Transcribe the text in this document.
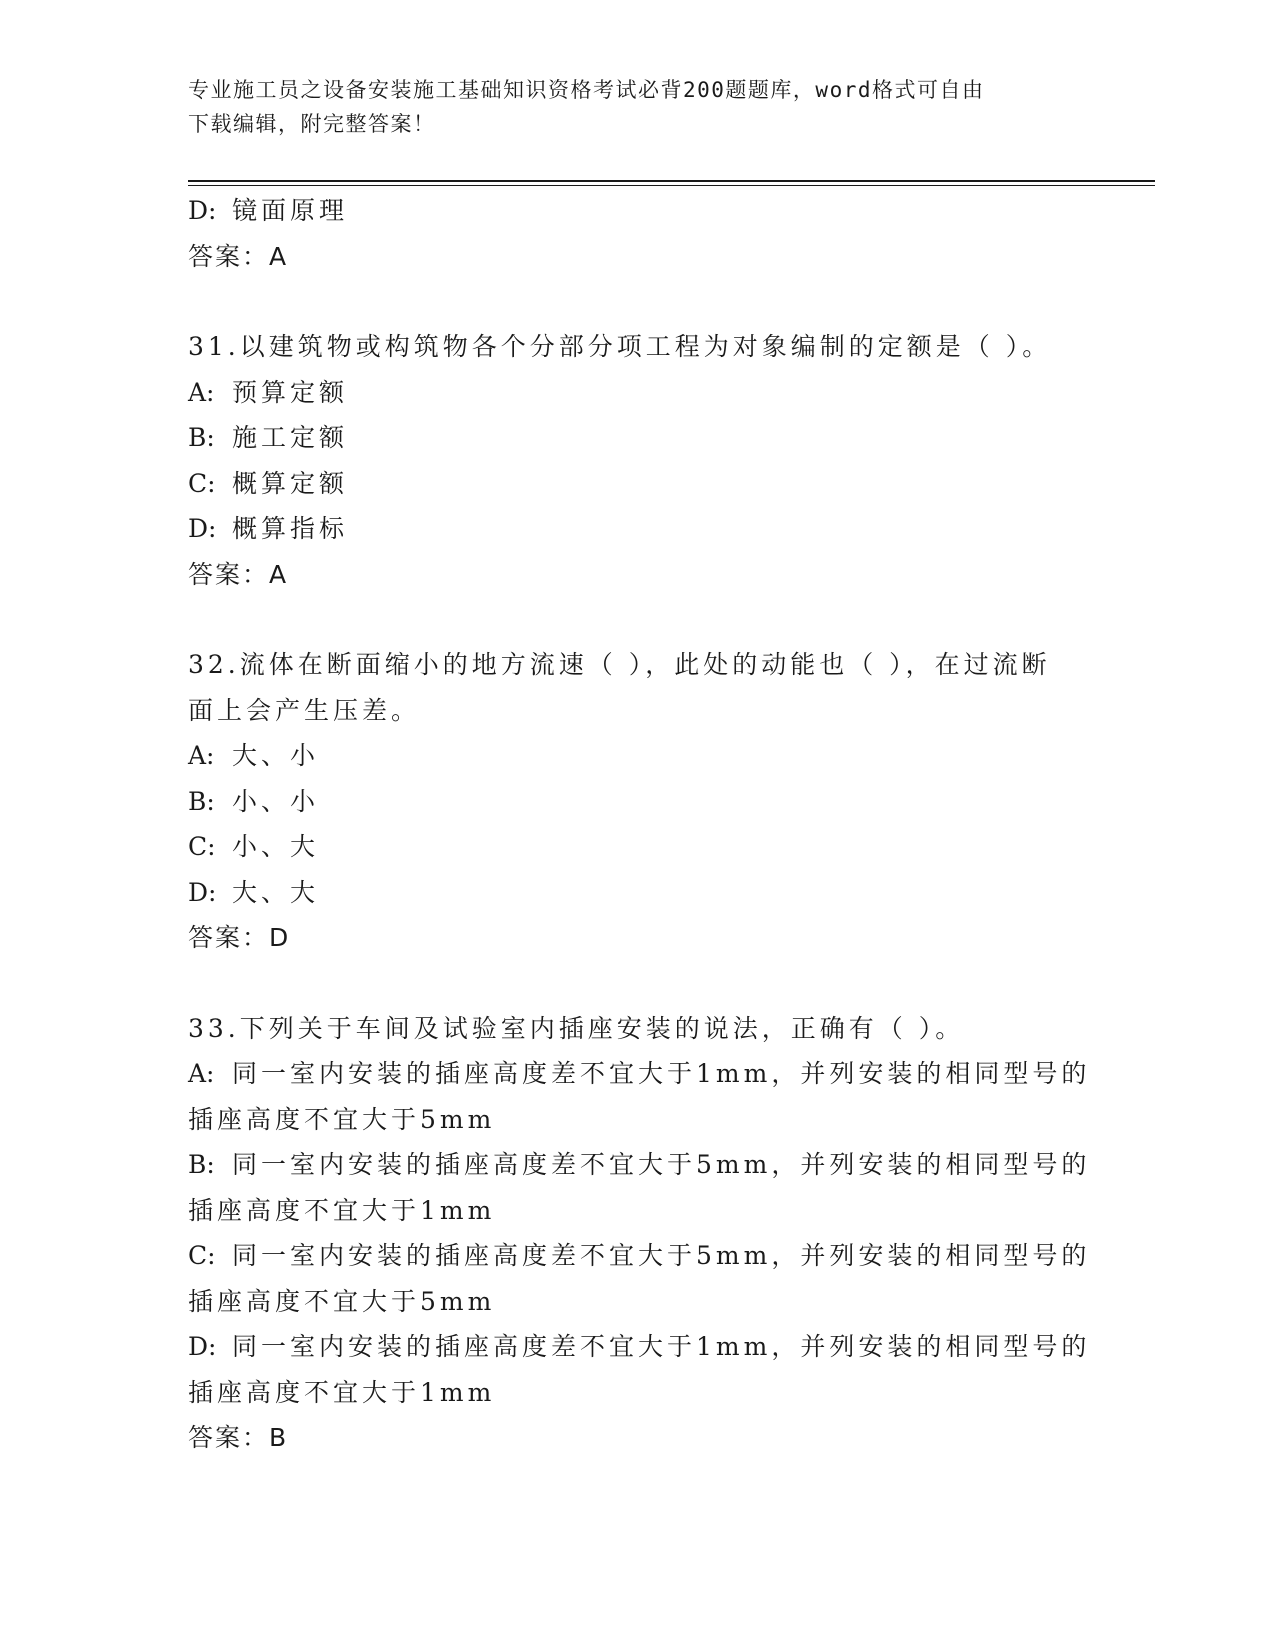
专业施工员之设备安装施工基础知识资格考试必背200题题库，word格式可自由
下载编辑，附完整答案！
D: 镜面原理
答案：A
31.以建筑物或构筑物各个分部分项工程为对象编制的定额是（ ）。
A: 预算定额
B: 施工定额
C: 概算定额
D: 概算指标
答案：A
32.流体在断面缩小的地方流速（ ），此处的动能也（ ），在过流断
面上会产生压差。
A: 大、小
B: 小、小
C: 小、大
D: 大、大
答案：D
33.下列关于车间及试验室内插座安装的说法，正确有（ ）。
A: 同一室内安装的插座高度差不宜大于1mm，并列安装的相同型号的
插座高度不宜大于5mm
B: 同一室内安装的插座高度差不宜大于5mm，并列安装的相同型号的
插座高度不宜大于1mm
C: 同一室内安装的插座高度差不宜大于5mm，并列安装的相同型号的
插座高度不宜大于5mm
D: 同一室内安装的插座高度差不宜大于1mm，并列安装的相同型号的
插座高度不宜大于1mm
答案：B
